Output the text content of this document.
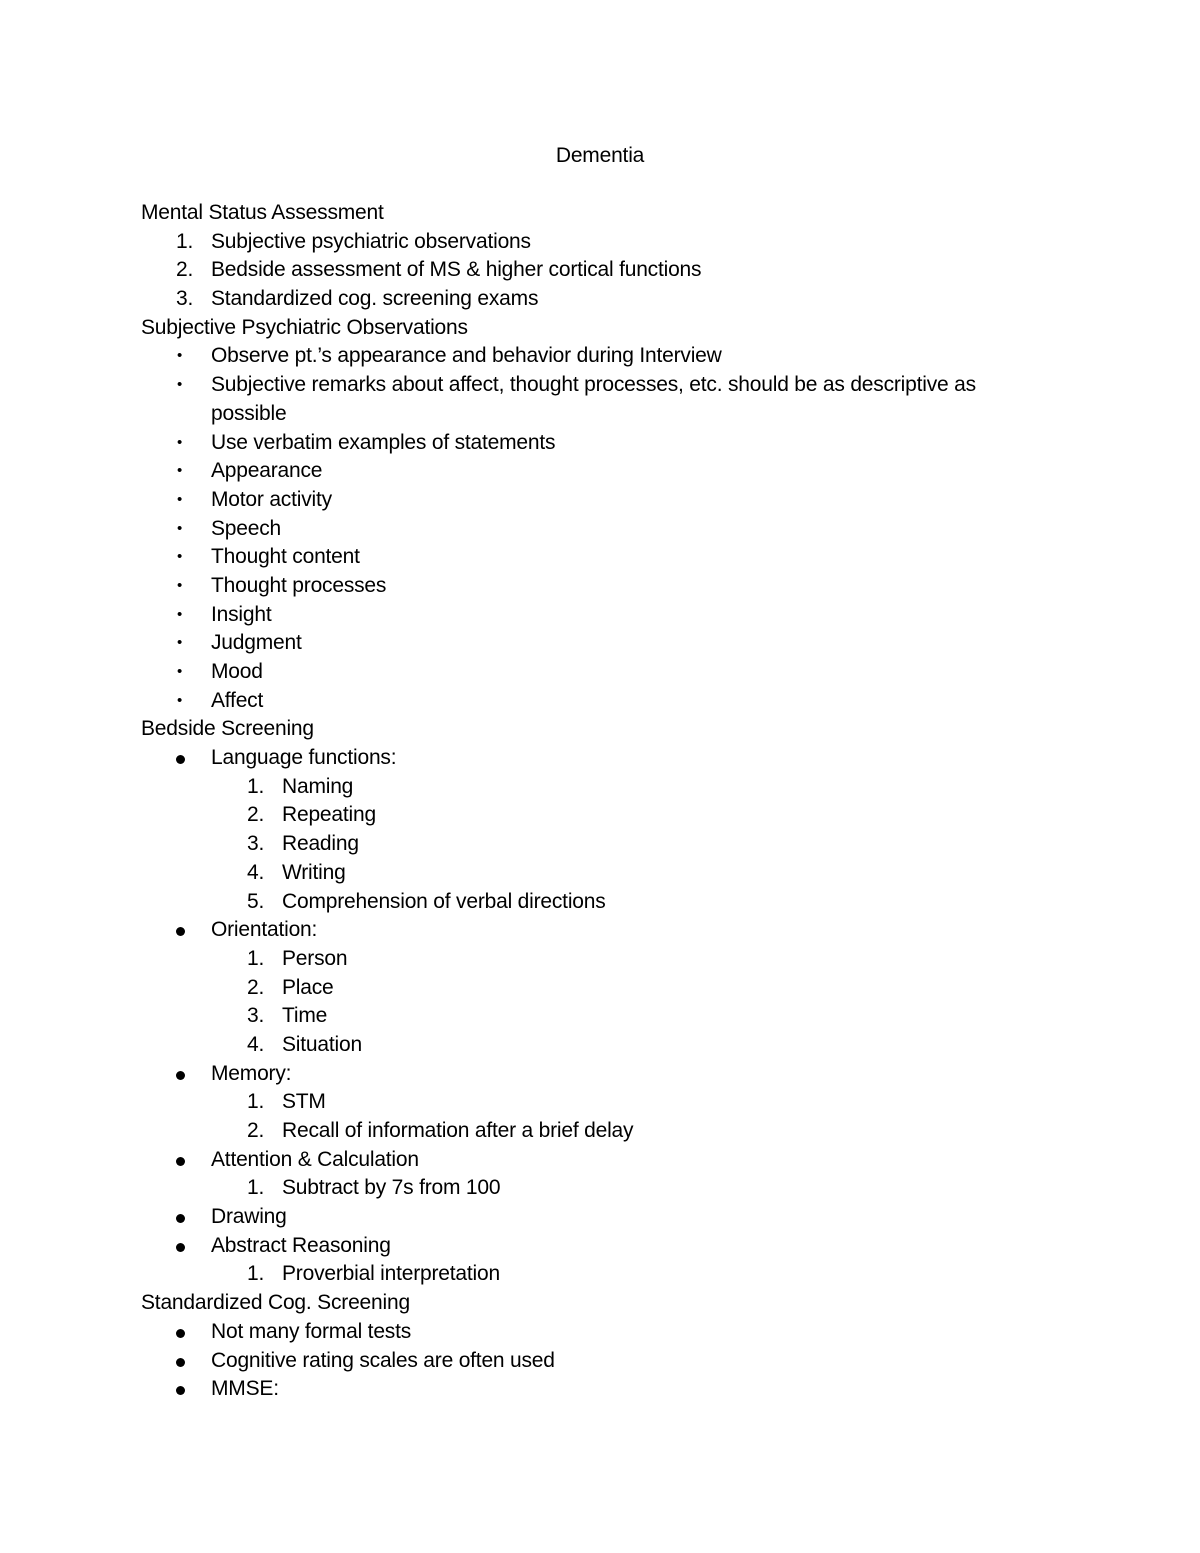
Dementia
Mental Status Assessment
1. Subjective psychiatric observations
2. Bedside assessment of MS & higher cortical functions
3. Standardized cog. screening exams
Subjective Psychiatric Observations
• Observe pt.’s appearance and behavior during Interview
• Subjective remarks about affect, thought processes, etc. should be as descriptive as
possible
• Use verbatim examples of statements
• Appearance
• Motor activity
• Speech
• Thought content
• Thought processes
• Insight
• Judgment
• Mood
• Affect
Bedside Screening
Language functions:
1. Naming
2. Repeating
3. Reading
4. Writing
5. Comprehension of verbal directions
Orientation:
1. Person
2. Place
3. Time
4. Situation
Memory:
1. STM
2. Recall of information after a brief delay
Attention & Calculation
1. Subtract by 7s from 100
Drawing
Abstract Reasoning
1. Proverbial interpretation
Standardized Cog. Screening
Not many formal tests
Cognitive rating scales are often used
MMSE:
